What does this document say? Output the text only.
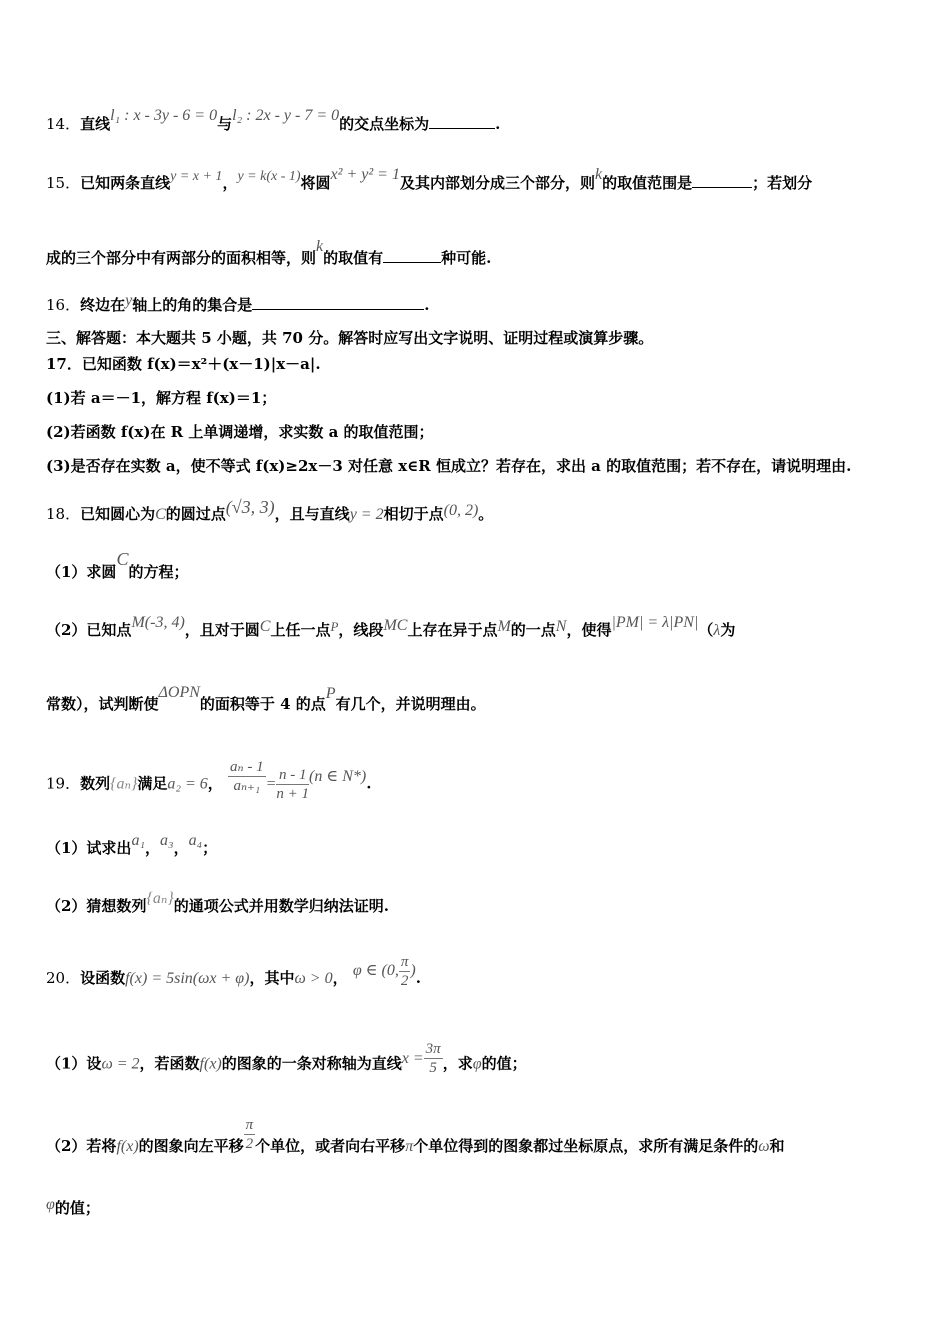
14．直线l₁ : x - 3y - 6 = 0与l₂ : 2x - y - 7 = 0的交点坐标为	.
15．已知两条直线y = x + 1，y = k(x - 1)将圆x² + y² = 1及其内部划分成三个部分，则k的取值范围是	；若划分
成的三个部分中有两部分的面积相等，则k的取值有	种可能.
16．终边在y轴上的角的集合是	.
三、解答题：本大题共 5 小题，共 70 分。解答时应写出文字说明、证明过程或演算步骤。
17．已知函数 f(x)＝x²＋(x－1)|x－a|.
(1)若 a＝－1，解方程 f(x)＝1；
(2)若函数 f(x)在 R 上单调递增，求实数 a 的取值范围；
(3)是否存在实数 a，使不等式 f(x)≥2x－3 对任意 x∈R 恒成立？若存在，求出 a 的取值范围；若不存在，请说明理由.
18．已知圆心为C的圆过点(√3, 3)，且与直线y = 2相切于点(0, 2)。
（1）求圆C的方程；
（2）已知点M(-3, 4)，且对于圆C上任一点P，线段MC上存在异于点M的一点N，使得|PM| = λ|PN|（λ为
常数），试判断使ΔOPN的面积等于 4 的点P有几个，并说明理由。
19．数列{aₙ}满足a₂ = 6， $\frac{\text{aₙ - 1}}{\text{aₙ₊₁}} = \frac{n - 1}{n + 1} (n$ ∈ N*).
（1）试求出a₁，a₃，a₄；
（2）猜想数列{aₙ}的通项公式并用数学归纳法证明.
20．设函数f(x) = 5sin(ωx + φ)，其中ω > 0， φ ∈ (0, $\frac{\pi}{2}$ ).
（1）设ω = 2，若函数f(x)的图象的一条对称轴为直线$x = \frac{3\pi}{5}$ ，求φ的值；
（2）若将f(x)的图象向左平移 $\frac{\pi}{2}$ 个单位，或者向右平移π个单位得到的图象都过坐标原点，求所有满足条件的ω和
φ的值；
